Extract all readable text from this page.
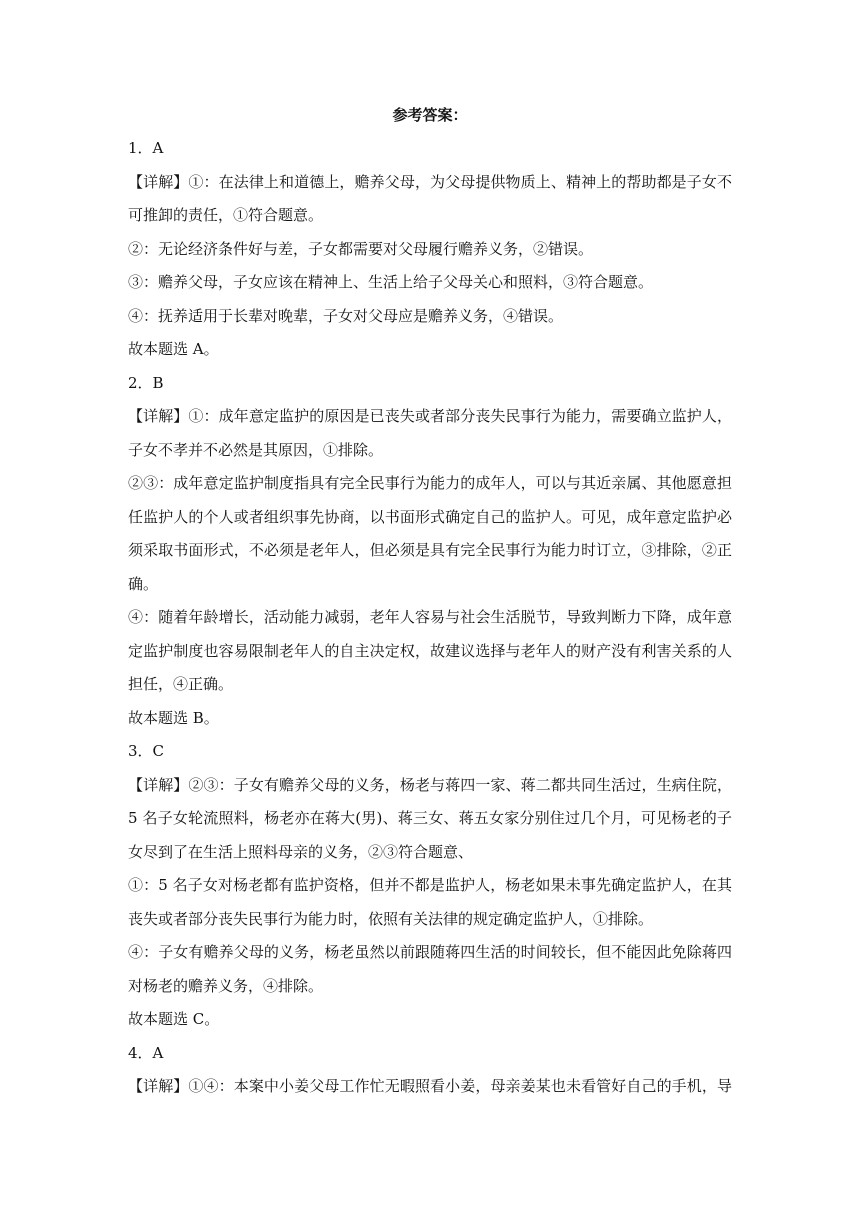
参考答案：
1．A
【详解】①：在法律上和道德上，赡养父母，为父母提供物质上、精神上的帮助都是子女不
可推卸的责任，①符合题意。
②：无论经济条件好与差，子女都需要对父母履行赡养义务，②错误。
③：赡养父母，子女应该在精神上、生活上给子父母关心和照料，③符合题意。
④：抚养适用于长辈对晚辈，子女对父母应是赡养义务，④错误。
故本题选 A。
2．B
【详解】①：成年意定监护的原因是已丧失或者部分丧失民事行为能力，需要确立监护人，
子女不孝并不必然是其原因，①排除。
②③：成年意定监护制度指具有完全民事行为能力的成年人，可以与其近亲属、其他愿意担
任监护人的个人或者组织事先协商，以书面形式确定自己的监护人。可见，成年意定监护必
须采取书面形式，不必须是老年人，但必须是具有完全民事行为能力时订立，③排除，②正
确。
④：随着年龄增长，活动能力减弱，老年人容易与社会生活脱节，导致判断力下降，成年意
定监护制度也容易限制老年人的自主决定权，故建议选择与老年人的财产没有利害关系的人
担任，④正确。
故本题选 B。
3．C
【详解】②③：子女有赡养父母的义务，杨老与蒋四一家、蒋二都共同生活过，生病住院，
5 名子女轮流照料，杨老亦在蒋大(男)、蒋三女、蒋五女家分别住过几个月，可见杨老的子
女尽到了在生活上照料母亲的义务，②③符合题意、
①：5 名子女对杨老都有监护资格，但并不都是监护人，杨老如果未事先确定监护人，在其
丧失或者部分丧失民事行为能力时，依照有关法律的规定确定监护人，①排除。
④：子女有赡养父母的义务，杨老虽然以前跟随蒋四生活的时间较长，但不能因此免除蒋四
对杨老的赡养义务，④排除。
故本题选 C。
4．A
【详解】①④：本案中小姜父母工作忙无暇照看小姜，母亲姜某也未看管好自己的手机，导
